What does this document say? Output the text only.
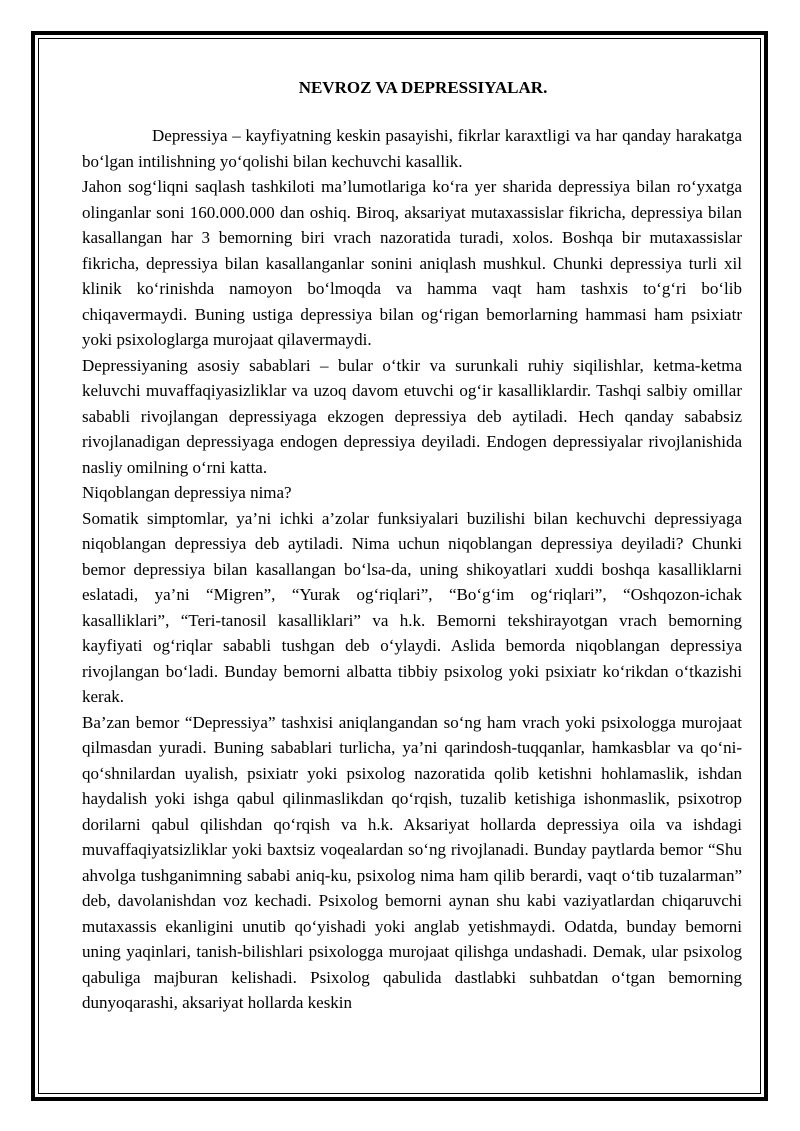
NEVROZ VA DEPRESSIYALAR.

Depressiya – kayfiyatning keskin pasayishi, fikrlar karaxtligi va har qanday harakatga bo‘lgan intilishning yo‘qolishi bilan kechuvchi kasallik.

Jahon sog‘liqni saqlash tashkiloti ma’lumotlariga ko‘ra yer sharida depressiya bilan ro‘yxatga olinganlar soni 160.000.000 dan oshiq. Biroq, aksariyat mutaxassislar fikricha, depressiya bilan kasallangan har 3 bemorning biri vrach nazoratida turadi, xolos. Boshqa bir mutaxassislar fikricha, depressiya bilan kasallanganlar sonini aniqlash mushkul. Chunki depressiya turli xil klinik ko‘rinishda namoyon bo‘lmoqda va hamma vaqt ham tashxis to‘g‘ri bo‘lib chiqavermaydi. Buning ustiga depressiya bilan og‘rigan bemorlarning hammasi ham psixiatr yoki psixologlarga murojaat qilavermaydi.

Depressiyaning asosiy sabablari – bular o‘tkir va surunkali ruhiy siqilishlar, ketma-ketma keluvchi muvaffaqiyasizliklar va uzoq davom etuvchi og‘ir kasalliklardir. Tashqi salbiy omillar sababli rivojlangan depressiyaga ekzogen depressiya deb aytiladi. Hech qanday sababsiz rivojlanadigan depressiyaga endogen depressiya deyiladi. Endogen depressiyalar rivojlanishida nasliy omilning o‘rni katta.

Niqoblangan depressiya nima?

Somatik simptomlar, ya’ni ichki a’zolar funksiyalari buzilishi bilan kechuvchi depressiyaga niqoblangan depressiya deb aytiladi. Nima uchun niqoblangan depressiya deyiladi? Chunki bemor depressiya bilan kasallangan bo‘lsa-da, uning shikoyatlari xuddi boshqa kasalliklarni eslatadi, ya’ni “Migren”, “Yurak og‘riqlari”, “Bo‘g‘im og‘riqlari”, “Oshqozon-ichak kasalliklari”, “Teri-tanosil kasalliklari” va h.k. Bemorni tekshirayotgan vrach bemorning kayfiyati og‘riqlar sababli tushgan deb o‘ylaydi. Aslida bemorda niqoblangan depressiya rivojlangan bo‘ladi. Bunday bemorni albatta tibbiy psixolog yoki psixiatr ko‘rikdan o‘tkazishi kerak.

Ba’zan bemor “Depressiya” tashxisi aniqlangandan so‘ng ham vrach yoki psixologga murojaat qilmasdan yuradi. Buning sabablari turlicha, ya’ni qarindosh-tuqqanlar, hamkasblar va qo‘ni-qo‘shnilardan uyalish, psixiatr yoki psixolog nazoratida qolib ketishni hohlamaslik, ishdan haydalish yoki ishga qabul qilinmaslikdan qo‘rqish, tuzalib ketishiga ishonmaslik, psixotrop dorilarni qabul qilishdan qo‘rqish va h.k. Aksariyat hollarda depressiya oila va ishdagi muvaffaqiyatsizliklar yoki baxtsiz voqealardan so‘ng rivojlanadi. Bunday paytlarda bemor “Shu ahvolga tushganimning sababi aniq-ku, psixolog nima ham qilib berardi, vaqt o‘tib tuzalarman” deb, davolanishdan voz kechadi. Psixolog bemorni aynan shu kabi vaziyatlardan chiqaruvchi mutaxassis ekanligini unutib qo‘yishadi yoki anglab yetishmaydi. Odatda, bunday bemorni uning yaqinlari, tanish-bilishlari psixologga murojaat qilishga undashadi. Demak, ular psixolog qabuliga majburan kelishadi. Psixolog qabulida dastlabki suhbatdan o‘tgan bemorning dunyoqarashi, aksariyat hollarda keskin
